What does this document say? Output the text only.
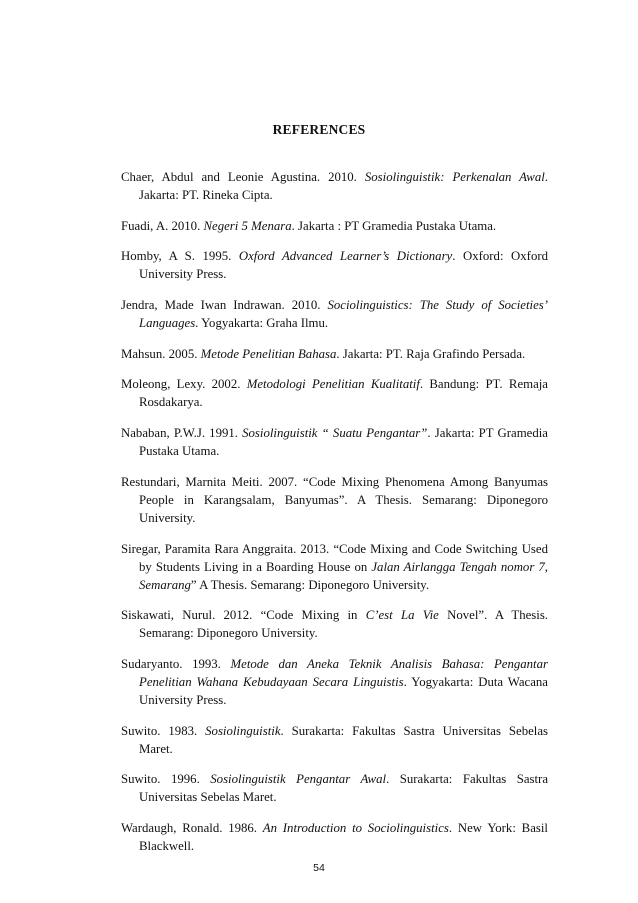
REFERENCES

Chaer, Abdul and Leonie Agustina. 2010. Sosiolinguistik: Perkenalan Awal. Jakarta: PT. Rineka Cipta.

Fuadi, A. 2010. Negeri 5 Menara. Jakarta : PT Gramedia Pustaka Utama.

Homby, A S. 1995. Oxford Advanced Learner’s Dictionary. Oxford: Oxford University Press.

Jendra, Made Iwan Indrawan. 2010. Sociolinguistics: The Study of Societies’ Languages. Yogyakarta: Graha Ilmu.

Mahsun. 2005. Metode Penelitian Bahasa. Jakarta: PT. Raja Grafindo Persada.

Moleong, Lexy. 2002. Metodologi Penelitian Kualitatif. Bandung: PT. Remaja Rosdakarya.

Nababan, P.W.J. 1991. Sosiolinguistik “ Suatu Pengantar”. Jakarta: PT Gramedia Pustaka Utama.

Restundari, Marnita Meiti. 2007. “Code Mixing Phenomena Among Banyumas People in Karangsalam, Banyumas”. A Thesis. Semarang: Diponegoro University.

Siregar, Paramita Rara Anggraita. 2013. “Code Mixing and Code Switching Used by Students Living in a Boarding House on Jalan Airlangga Tengah nomor 7, Semarang” A Thesis. Semarang: Diponegoro University.

Siskawati, Nurul. 2012. “Code Mixing in C’est La Vie Novel”. A Thesis. Semarang: Diponegoro University.

Sudaryanto. 1993. Metode dan Aneka Teknik Analisis Bahasa: Pengantar Penelitian Wahana Kebudayaan Secara Linguistis. Yogyakarta: Duta Wacana University Press.

Suwito. 1983. Sosiolinguistik. Surakarta: Fakultas Sastra Universitas Sebelas Maret.

Suwito. 1996. Sosiolinguistik Pengantar Awal. Surakarta: Fakultas Sastra Universitas Sebelas Maret.

Wardaugh, Ronald. 1986. An Introduction to Sociolinguistics. New York: Basil Blackwell.

54
